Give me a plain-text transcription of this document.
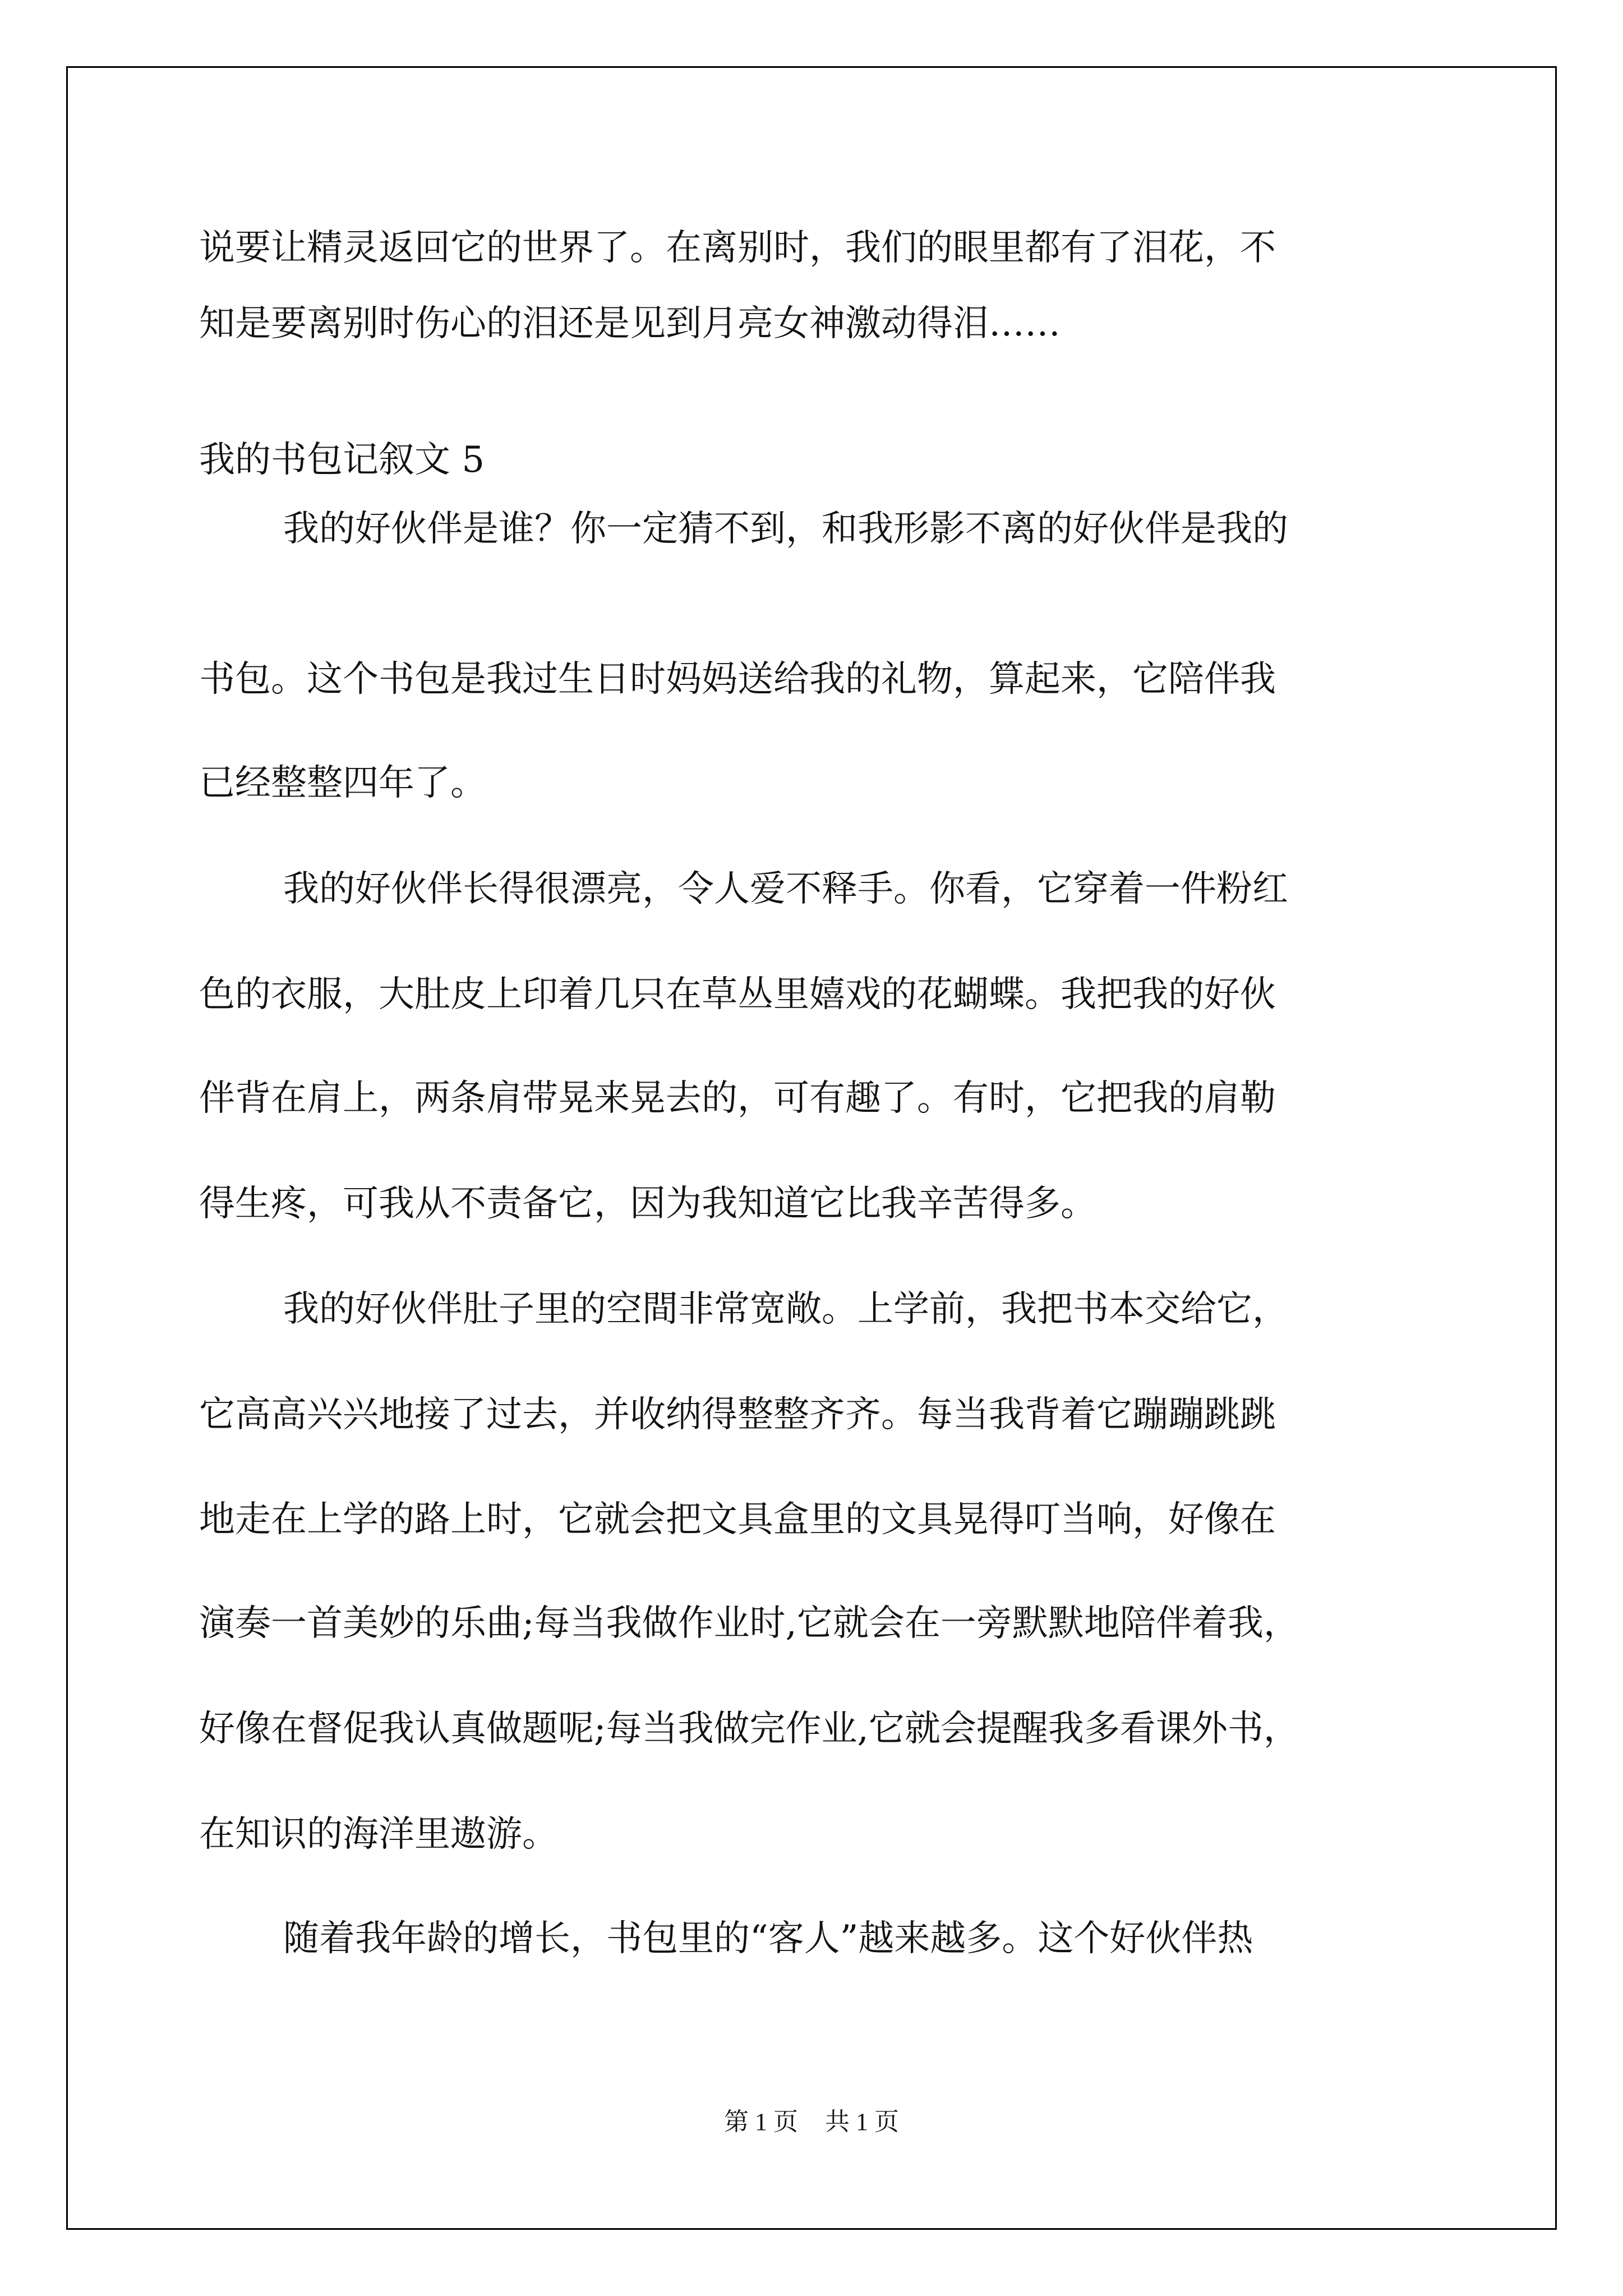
说要让精灵返回它的世界了。在离别时，我们的眼里都有了泪花，不

知是要离别时伤心的泪还是见到月亮女神激动得泪……

我的书包记叙文 5

我的好伙伴是谁？你一定猜不到，和我形影不离的好伙伴是我的

书包。这个书包是我过生日时妈妈送给我的礼物，算起来，它陪伴我

已经整整四年了。

我的好伙伴长得很漂亮，令人爱不释手。你看，它穿着一件粉红

色的衣服，大肚皮上印着几只在草丛里嬉戏的花蝴蝶。我把我的好伙

伴背在肩上，两条肩带晃来晃去的，可有趣了。有时，它把我的肩勒

得生疼，可我从不责备它，因为我知道它比我辛苦得多。

我的好伙伴肚子里的空間非常宽敞。上学前，我把书本交给它，

它高高兴兴地接了过去，并收纳得整整齐齐。每当我背着它蹦蹦跳跳

地走在上学的路上时，它就会把文具盒里的文具晃得叮当响，好像在

演奏一首美妙的乐曲;每当我做作业时,它就会在一旁默默地陪伴着我，

好像在督促我认真做题呢;每当我做完作业,它就会提醒我多看课外书，

在知识的海洋里遨游。

随着我年龄的增长，书包里的“客人”越来越多。这个好伙伴热

第 1 页 共 1 页
